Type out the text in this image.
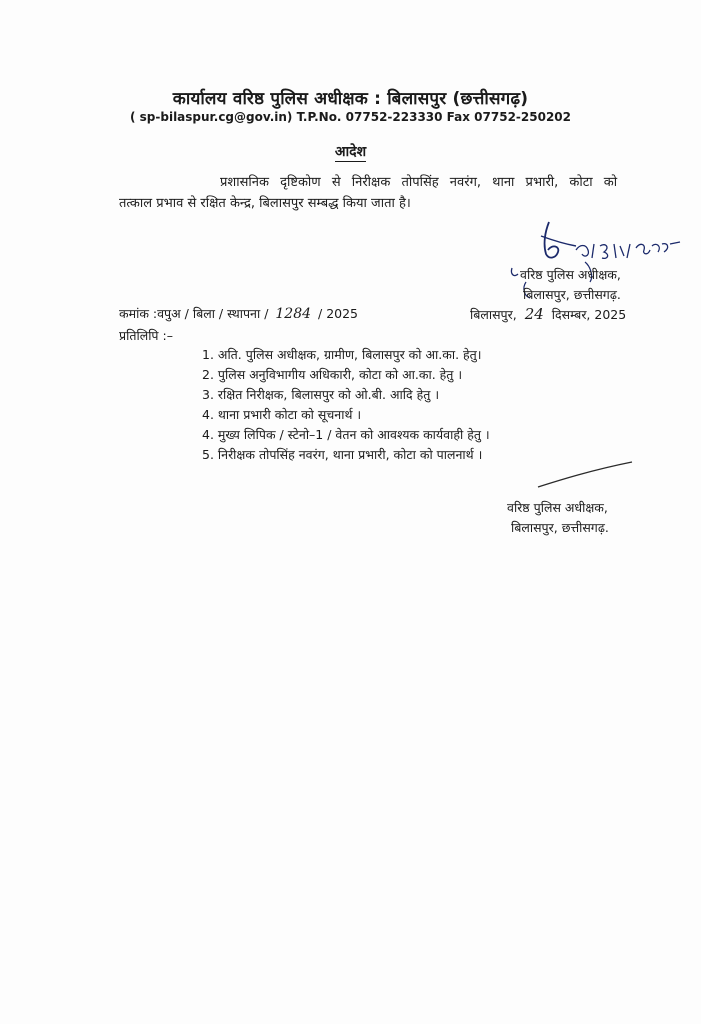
कार्यालय वरिष्ठ पुलिस अधीक्षक : बिलासपुर (छत्तीसगढ़)
( sp-bilaspur.cg@gov.in) T.P.No. 07752-223330 Fax 07752-250202
आदेश
प्रशासनिक दृष्टिकोण से निरीक्षक तोपसिंह नवरंग, थाना प्रभारी, कोटा को
तत्काल प्रभाव से रक्षित केन्द्र, बिलासपुर सम्बद्ध किया जाता है।
वरिष्ठ पुलिस अधीक्षक,
बिलासपुर, छत्तीसगढ़.
कमांक :वपुअ / बिला / स्थापना / 1284 / 2025	बिलासपुर, 24 दिसम्बर, 2025
प्रतिलिपि :–
1. अति. पुलिस अधीक्षक, ग्रामीण, बिलासपुर को आ.का. हेतु।
2. पुलिस अनुविभागीय अधिकारी, कोटा को आ.का. हेतु ।
3. रक्षित निरीक्षक, बिलासपुर को ओ.बी. आदि हेतु ।
4. थाना प्रभारी कोटा को सूचनार्थ ।
4. मुख्य लिपिक / स्टेनो–1 / वेतन को आवश्यक कार्यवाही हेतु ।
5. निरीक्षक तोपसिंह नवरंग, थाना प्रभारी, कोटा को पालनार्थ ।
वरिष्ठ पुलिस अधीक्षक,
बिलासपुर, छत्तीसगढ़.
